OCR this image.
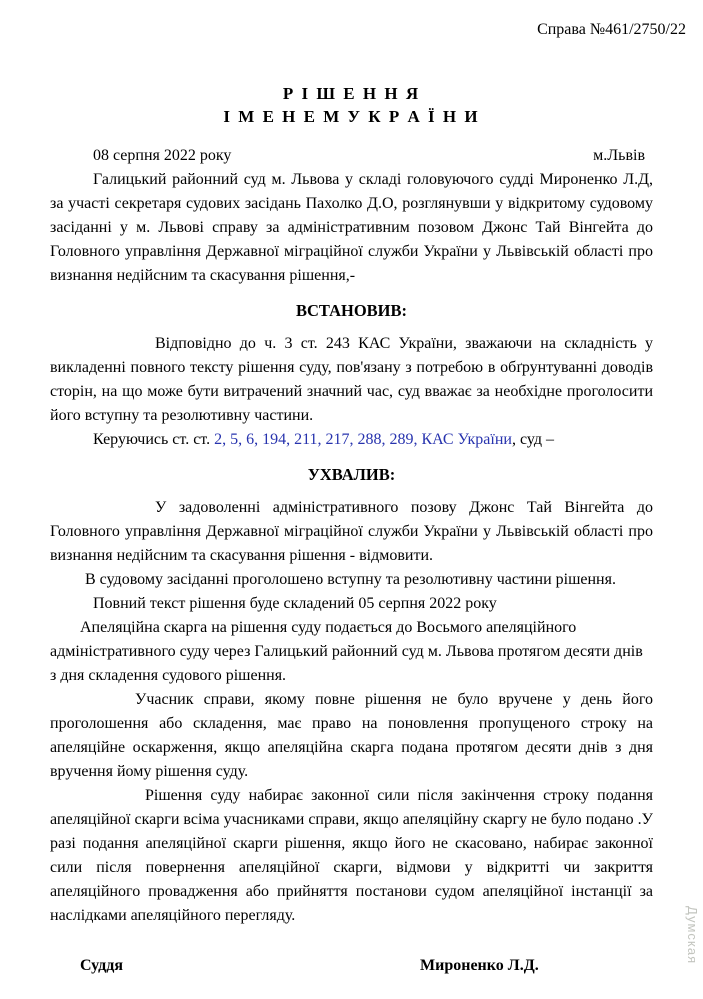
Справа №461/2750/22
Р І Ш Е Н Н Я
І М Е Н Е М У К Р А Ї Н И
08 серпня 2022 року	м.Львів

Галицький районний суд м. Львова у складі головуючого судді Мироненко Л.Д, за участі секретаря судових засідань Пахолко Д.О, розглянувши у відкритому судовому засіданні у м. Львові справу за адміністративним позовом Джонс Тай Вінгейта до Головного управління Державної міграційної служби України у Львівській області про визнання недійсним та скасування рішення,-

ВСТАНОВИВ:

Відповідно до ч. 3 ст. 243 КАС України, зважаючи на складність у викладенні повного тексту рішення суду, пов'язану з потребою в обґрунтуванні доводів сторін, на що може бути витрачений значний час, суд вважає за необхідне проголосити його вступну та резолютивну частини.

Керуючись ст. ст. 2, 5, 6, 194, 211, 217, 288, 289, КАС України, суд –

УХВАЛИВ:

У задоволенні адміністративного позову Джонс Тай Вінгейта до Головного управління Державної міграційної служби України у Львівській області про визнання недійсним та скасування рішення - відмовити.

В судовому засіданні проголошено вступну та резолютивну частини рішення.

Повний текст рішення буде складений 05 серпня 2022 року

Апеляційна скарга на рішення суду подається до Восьмого апеляційного адміністративного суду через Галицький районний суд м. Львова протягом десяти днів з дня складення судового рішення.

Учасник справи, якому повне рішення не було вручене у день його проголошення або складення, має право на поновлення пропущеного строку на апеляційне оскарження, якщо апеляційна скарга подана протягом десяти днів з дня вручення йому рішення суду.

Рішення суду набирає законної сили після закінчення строку подання апеляційної скарги всіма учасниками справи, якщо апеляційну скаргу не було подано .У разі подання апеляційної скарги рішення, якщо його не скасовано, набирає законної сили після повернення апеляційної скарги, відмови у відкритті чи закриття апеляційного провадження або прийняття постанови судом апеляційної інстанції за наслідками апеляційного перегляду.

Суддя	Мироненко Л.Д.
Думская
